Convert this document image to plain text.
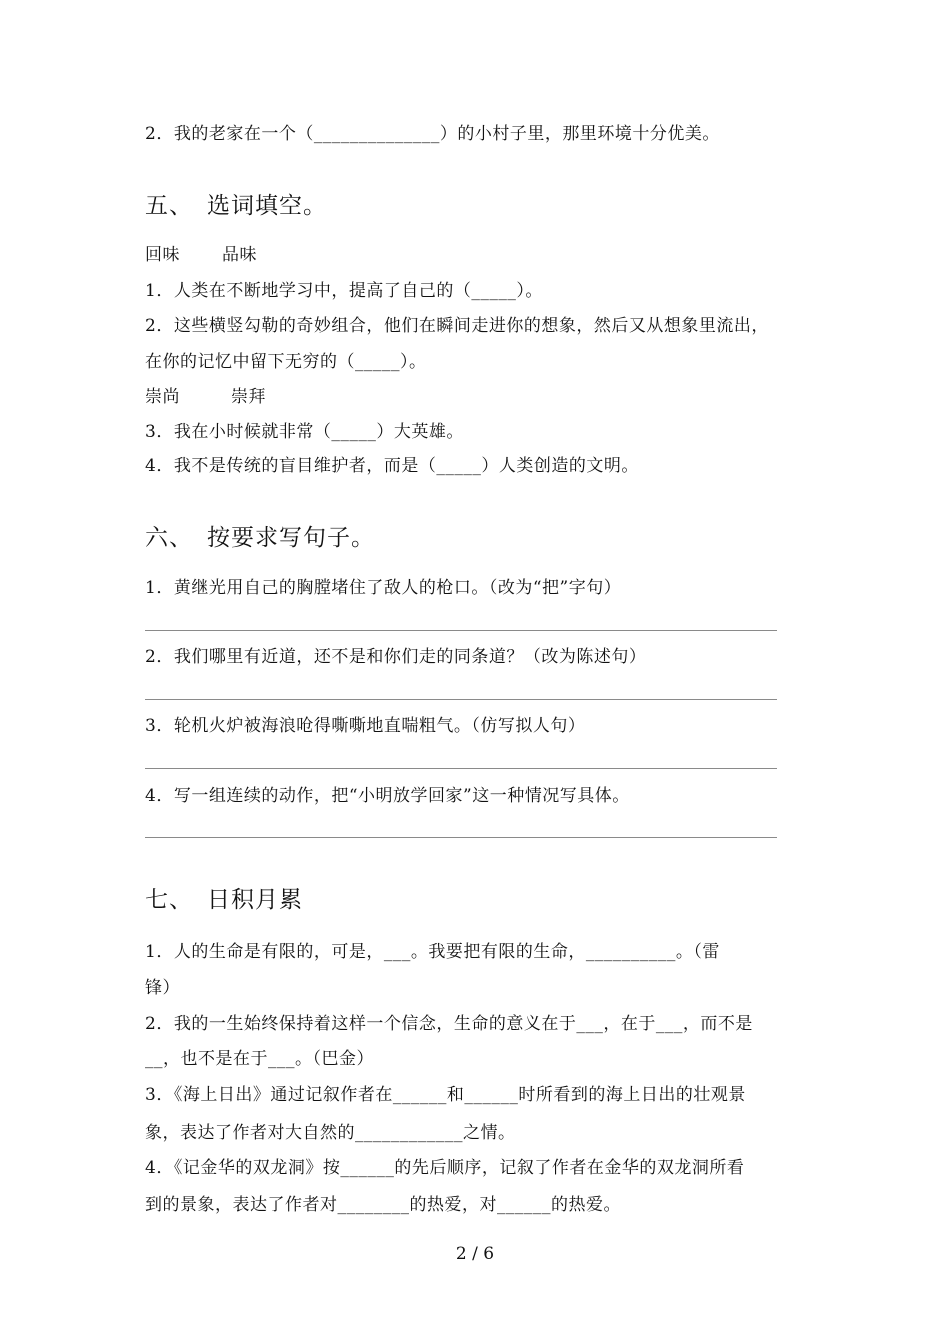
2．我的老家在一个（______________）的小村子里，那里环境十分优美。
五、 选词填空。
回味 品味
1．人类在不断地学习中，提高了自己的（_____）。
2．这些横竖勾勒的奇妙组合，他们在瞬间走进你的想象，然后又从想象里流出，
在你的记忆中留下无穷的（_____）。
崇尚	崇拜
3．我在小时候就非常（_____）大英雄。
4．我不是传统的盲目维护者，而是（_____）人类创造的文明。
六、 按要求写句子。
1．黄继光用自己的胸膛堵住了敌人的枪口。（改为“把”字句）
2．我们哪里有近道，还不是和你们走的同条道？（改为陈述句）
3．轮机火炉被海浪呛得嘶嘶地直喘粗气。（仿写拟人句）
4．写一组连续的动作，把“小明放学回家”这一种情况写具体。
七、 日积月累
1．人的生命是有限的，可是，___。我要把有限的生命，__________。（雷
锋）
2．我的一生始终保持着这样一个信念，生命的意义在于___，在于___，而不是
__，也不是在于___。（巴金）
3．《海上日出》通过记叙作者在______和______时所看到的海上日出的壮观景
象，表达了作者对大自然的____________之情。
4．《记金华的双龙洞》按______的先后顺序，记叙了作者在金华的双龙洞所看
到的景象，表达了作者对________的热爱，对______的热爱。
2 / 6
